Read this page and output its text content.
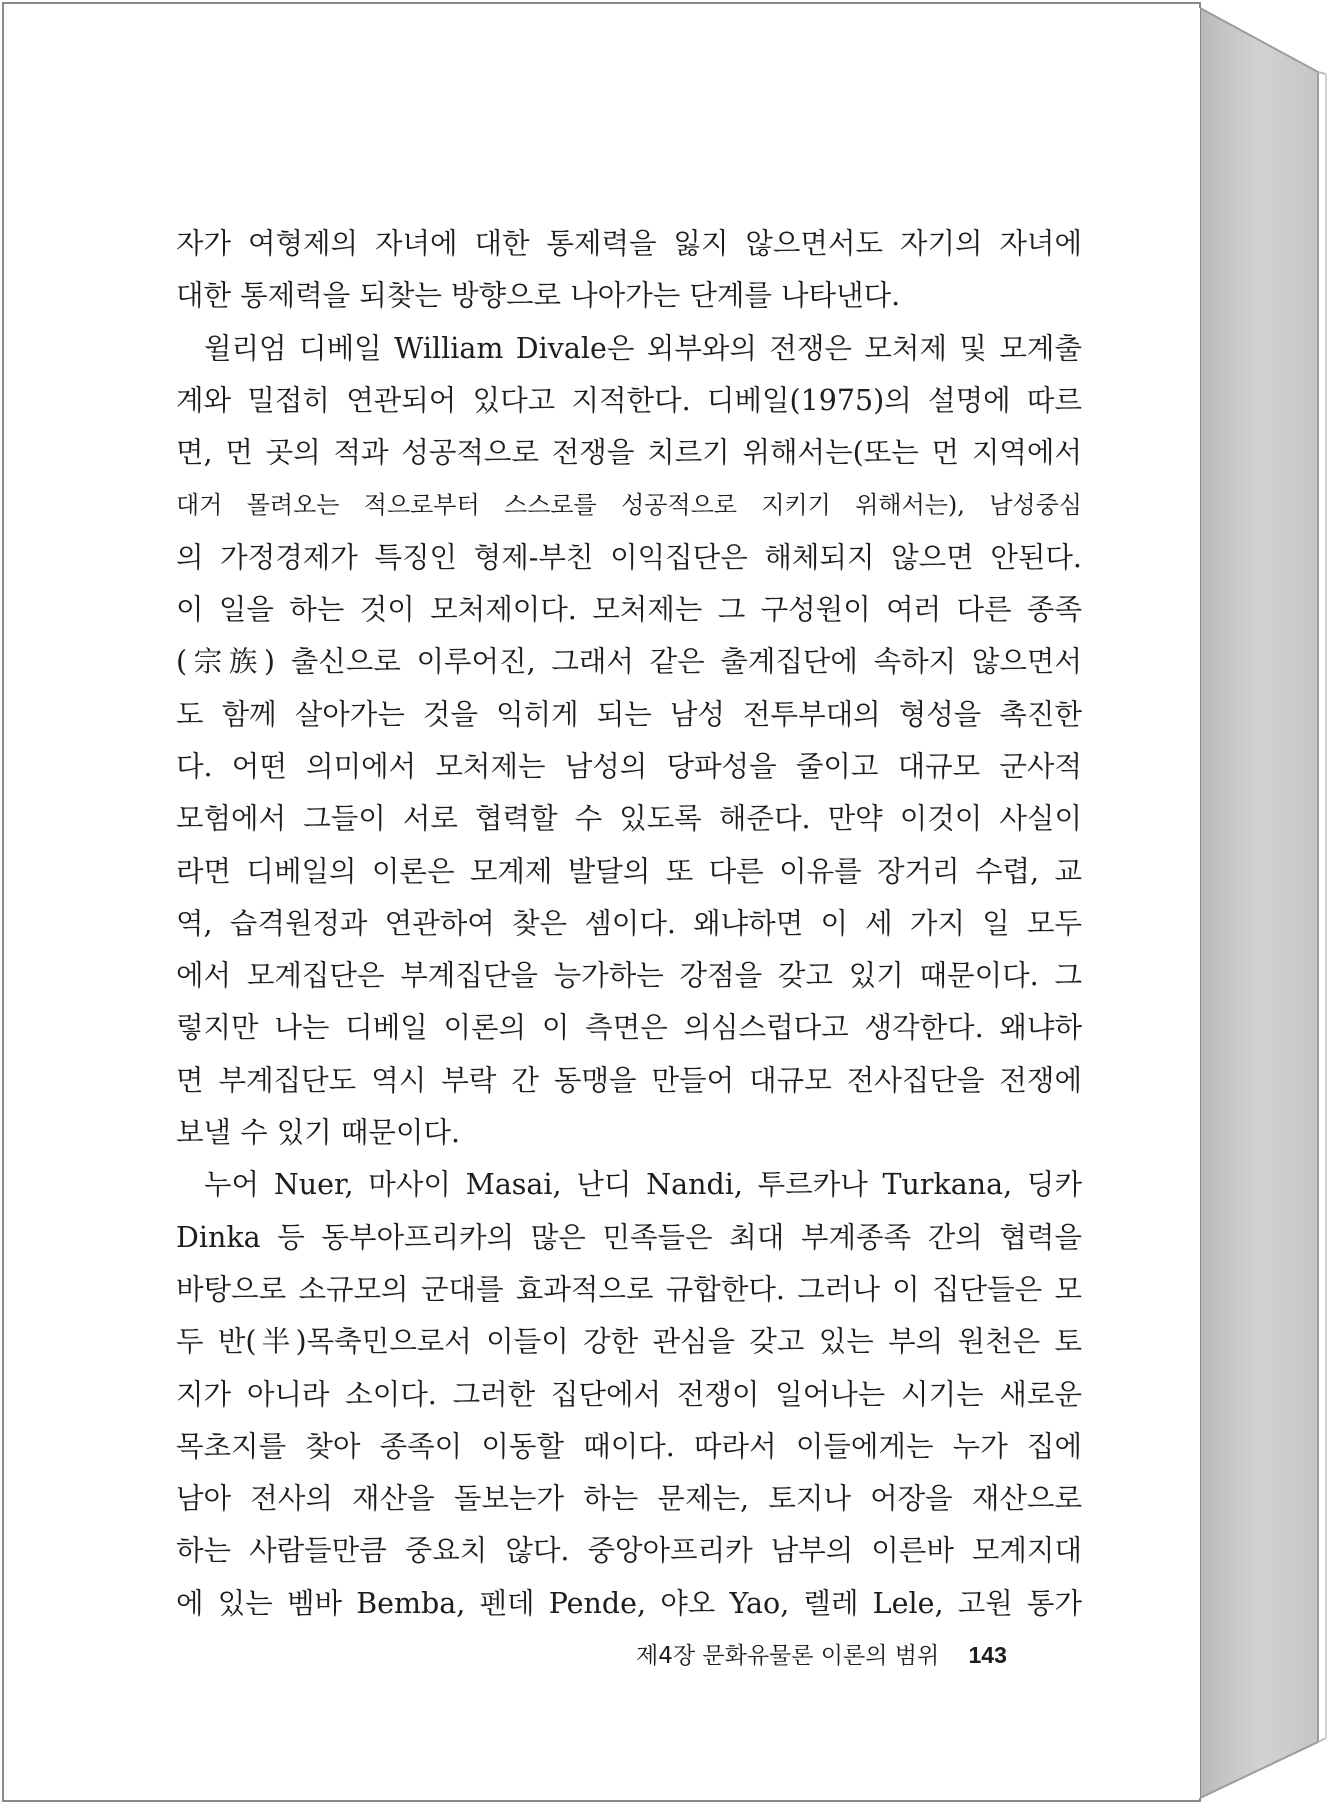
자가 여형제의 자녀에 대한 통제력을 잃지 않으면서도 자기의 자녀에
대한 통제력을 되찾는 방향으로 나아가는 단계를 나타낸다.
윌리엄 디베일 William Divale은 외부와의 전쟁은 모처제 및 모계출
계와 밀접히 연관되어 있다고 지적한다. 디베일(1975)의 설명에 따르
면, 먼 곳의 적과 성공적으로 전쟁을 치르기 위해서는(또는 먼 지역에서
대거 몰려오는 적으로부터 스스로를 성공적으로 지키기 위해서는), 남성중심
의 가정경제가 특징인 형제-부친 이익집단은 해체되지 않으면 안된다.
이 일을 하는 것이 모처제이다. 모처제는 그 구성원이 여러 다른 종족
(宗族) 출신으로 이루어진, 그래서 같은 출계집단에 속하지 않으면서
도 함께 살아가는 것을 익히게 되는 남성 전투부대의 형성을 촉진한
다. 어떤 의미에서 모처제는 남성의 당파성을 줄이고 대규모 군사적
모험에서 그들이 서로 협력할 수 있도록 해준다. 만약 이것이 사실이
라면 디베일의 이론은 모계제 발달의 또 다른 이유를 장거리 수렵, 교
역, 습격원정과 연관하여 찾은 셈이다. 왜냐하면 이 세 가지 일 모두
에서 모계집단은 부계집단을 능가하는 강점을 갖고 있기 때문이다. 그
렇지만 나는 디베일 이론의 이 측면은 의심스럽다고 생각한다. 왜냐하
면 부계집단도 역시 부락 간 동맹을 만들어 대규모 전사집단을 전쟁에
보낼 수 있기 때문이다.
누어 Nuer, 마사이 Masai, 난디 Nandi, 투르카나 Turkana, 딩카
Dinka 등 동부아프리카의 많은 민족들은 최대 부계종족 간의 협력을
바탕으로 소규모의 군대를 효과적으로 규합한다. 그러나 이 집단들은 모
두 반(半)목축민으로서 이들이 강한 관심을 갖고 있는 부의 원천은 토
지가 아니라 소이다. 그러한 집단에서 전쟁이 일어나는 시기는 새로운
목초지를 찾아 종족이 이동할 때이다. 따라서 이들에게는 누가 집에
남아 전사의 재산을 돌보는가 하는 문제는, 토지나 어장을 재산으로
하는 사람들만큼 중요치 않다. 중앙아프리카 남부의 이른바 모계지대
에 있는 벰바 Bemba, 펜데 Pende, 야오 Yao, 렐레 Lele, 고원 통가
제4장 문화유물론 이론의 범위 143
